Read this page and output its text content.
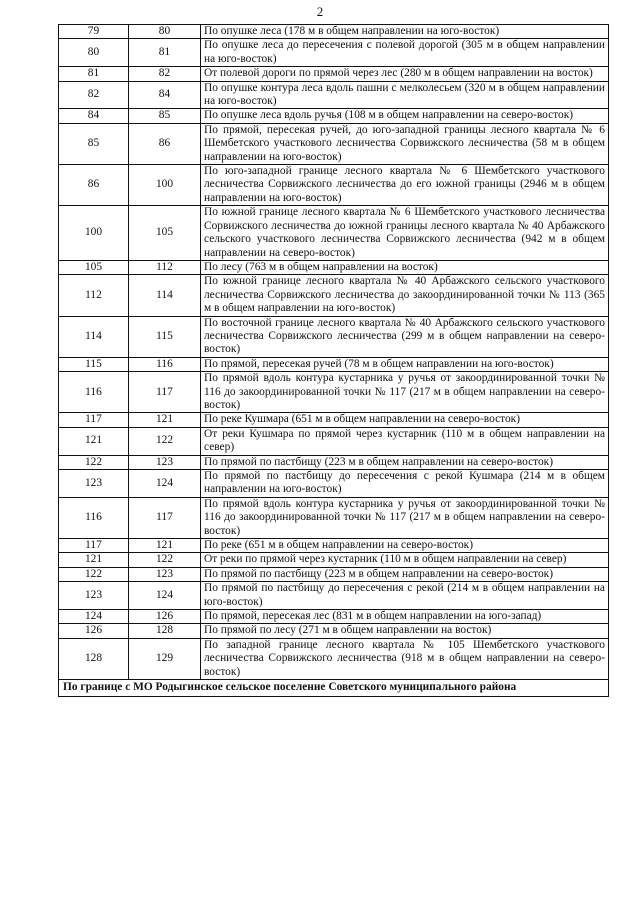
2
79	80	По опушке леса (178 м в общем направлении на юго-восток)
80	81	По опушке леса до пересечения с полевой дорогой (305 м в общем направлении на юго-восток)
81	82	От полевой дороги по прямой через лес (280 м в общем направлении на восток)
82	84	По опушке контура леса вдоль пашни с мелколесьем (320 м в общем направлении на юго-восток)
84	85	По опушке леса вдоль ручья (108 м в общем направлении на северо-восток)
85	86	По прямой, пересекая ручей, до юго-западной границы лесного квартала № 6 Шембетского участкового лесничества Сорвижского лесничества (58 м в общем направлении на юго-восток)
86	100	По юго-западной границе лесного квартала № 6 Шембетского участкового лесничества Сорвижского лесничества до его южной границы (2946 м в общем направлении на юго-восток)
100	105	По южной границе лесного квартала № 6 Шембетского участкового лесничества Сорвижского лесничества до южной границы лесного квартала № 40 Арбажского сельского участкового лесничества Сорвижского лесничества (942 м в общем направлении на северо-восток)
105	112	По лесу (763 м в общем направлении на восток)
112	114	По южной границе лесного квартала № 40 Арбажского сельского участкового лесничества Сорвижского лесничества до закоординированной точки № 113 (365 м в общем направлении на юго-восток)
114	115	По восточной границе лесного квартала № 40 Арбажского сельского участкового лесничества Сорвижского лесничества (299 м в общем направлении на северо-восток)
115	116	По прямой, пересекая ручей (78 м в общем направлении на юго-восток)
116	117	По прямой вдоль контура кустарника у ручья от закоординированной точки № 116 до закоординированной точки № 117 (217 м в общем направлении на северо-восток)
117	121	По реке Кушмара (651 м в общем направлении на северо-восток)
121	122	От реки Кушмара по прямой через кустарник (110 м в общем направлении на север)
122	123	По прямой по пастбищу (223 м в общем направлении на северо-восток)
123	124	По прямой по пастбищу до пересечения с рекой Кушмара (214 м в общем направлении на юго-восток)
116	117	По прямой вдоль контура кустарника у ручья от закоординированной точки № 116 до закоординированной точки № 117 (217 м в общем направлении на северо-восток)
117	121	По реке (651 м в общем направлении на северо-восток)
121	122	От реки по прямой через кустарник (110 м в общем направлении на север)
122	123	По прямой по пастбищу (223 м в общем направлении на северо-восток)
123	124	По прямой по пастбищу до пересечения с рекой (214 м в общем направлении на юго-восток)
124	126	По прямой, пересекая лес (831 м в общем направлении на юго-запад)
126	128	По прямой по лесу (271 м в общем направлении на восток)
128	129	По западной границе лесного квартала № 105 Шембетского участкового лесничества Сорвижского лесничества (918 м в общем направлении на северо-восток)
По границе с МО Родыгинское сельское поселение Советского муниципального района		
